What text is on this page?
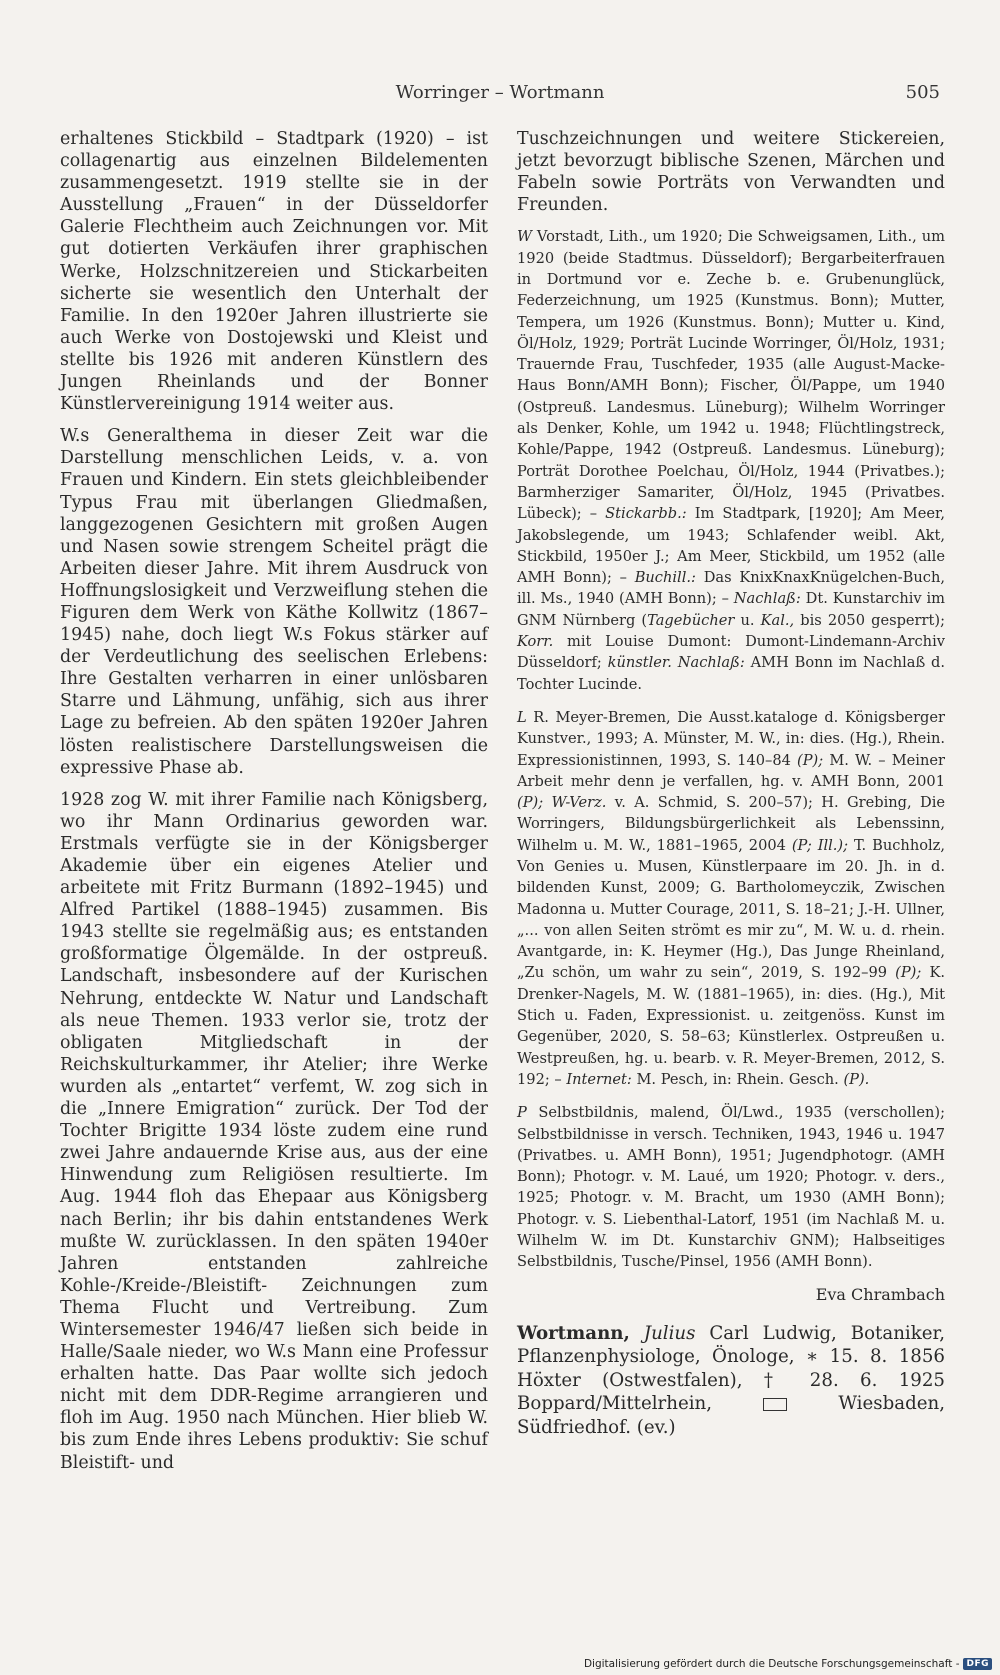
Worringer – Wortmann	505

erhaltenes Stickbild – Stadtpark (1920) – ist collagenartig aus einzelnen Bildelementen zusammengesetzt. 1919 stellte sie in der Ausstellung „Frauen“ in der Düsseldorfer Galerie Flechtheim auch Zeichnungen vor. Mit gut dotierten Verkäufen ihrer graphischen Werke, Holzschnitzereien und Stickarbeiten sicherte sie wesentlich den Unterhalt der Familie. In den 1920er Jahren illustrierte sie auch Werke von Dostojewski und Kleist und stellte bis 1926 mit anderen Künstlern des Jungen Rheinlands und der Bonner Künstlervereinigung 1914 weiter aus.

W.s Generalthema in dieser Zeit war die Darstellung menschlichen Leids, v. a. von Frauen und Kindern. Ein stets gleichbleibender Typus Frau mit überlangen Gliedmaßen, langgezogenen Gesichtern mit großen Augen und Nasen sowie strengem Scheitel prägt die Arbeiten dieser Jahre. Mit ihrem Ausdruck von Hoffnungslosigkeit und Verzweiflung stehen die Figuren dem Werk von Käthe Kollwitz (1867–1945) nahe, doch liegt W.s Fokus stärker auf der Verdeutlichung des seelischen Erlebens: Ihre Gestalten verharren in einer unlösbaren Starre und Lähmung, unfähig, sich aus ihrer Lage zu befreien. Ab den späten 1920er Jahren lösten realistischere Darstellungsweisen die expressive Phase ab.

1928 zog W. mit ihrer Familie nach Königsberg, wo ihr Mann Ordinarius geworden war. Erstmals verfügte sie in der Königsberger Akademie über ein eigenes Atelier und arbeitete mit Fritz Burmann (1892–1945) und Alfred Partikel (1888–1945) zusammen. Bis 1943 stellte sie regelmäßig aus; es entstanden großformatige Ölgemälde. In der ostpreuß. Landschaft, insbesondere auf der Kurischen Nehrung, entdeckte W. Natur und Landschaft als neue Themen. 1933 verlor sie, trotz der obligaten Mitgliedschaft in der Reichskulturkammer, ihr Atelier; ihre Werke wurden als „entartet“ verfemt, W. zog sich in die „Innere Emigration“ zurück. Der Tod der Tochter Brigitte 1934 löste zudem eine rund zwei Jahre andauernde Krise aus, aus der eine Hinwendung zum Religiösen resultierte. Im Aug. 1944 floh das Ehepaar aus Königsberg nach Berlin; ihr bis dahin entstandenes Werk mußte W. zurücklassen. In den späten 1940er Jahren entstanden zahlreiche Kohle-/Kreide-/Bleistift- Zeichnungen zum Thema Flucht und Vertreibung. Zum Wintersemester 1946/47 ließen sich beide in Halle/Saale nieder, wo W.s Mann eine Professur erhalten hatte. Das Paar wollte sich jedoch nicht mit dem DDR-Regime arrangieren und floh im Aug. 1950 nach München. Hier blieb W. bis zum Ende ihres Lebens produktiv: Sie schuf Bleistift- und

Tuschzeichnungen und weitere Stickereien, jetzt bevorzugt biblische Szenen, Märchen und Fabeln sowie Porträts von Verwandten und Freunden.

W Vorstadt, Lith., um 1920; Die Schweigsamen, Lith., um 1920 (beide Stadtmus. Düsseldorf); Bergarbeiterfrauen in Dortmund vor e. Zeche b. e. Grubenunglück, Federzeichnung, um 1925 (Kunstmus. Bonn); Mutter, Tempera, um 1926 (Kunstmus. Bonn); Mutter u. Kind, Öl/Holz, 1929; Porträt Lucinde Worringer, Öl/Holz, 1931; Trauernde Frau, Tuschfeder, 1935 (alle August-Macke-Haus Bonn/AMH Bonn); Fischer, Öl/Pappe, um 1940 (Ostpreuß. Landesmus. Lüneburg); Wilhelm Worringer als Denker, Kohle, um 1942 u. 1948; Flüchtlingstreck, Kohle/Pappe, 1942 (Ostpreuß. Landesmus. Lüneburg); Porträt Dorothee Poelchau, Öl/Holz, 1944 (Privatbes.); Barmherziger Samariter, Öl/Holz, 1945 (Privatbes. Lübeck); – Stickarbb.: Im Stadtpark, [1920]; Am Meer, Jakobslegende, um 1943; Schlafender weibl. Akt, Stickbild, 1950er J.; Am Meer, Stickbild, um 1952 (alle AMH Bonn); – Buchill.: Das KnixKnaxKnügelchen-Buch, ill. Ms., 1940 (AMH Bonn); – Nachlaß: Dt. Kunstarchiv im GNM Nürnberg (Tagebücher u. Kal., bis 2050 gesperrt); Korr. mit Louise Dumont: Dumont-Lindemann-Archiv Düsseldorf; künstler. Nachlaß: AMH Bonn im Nachlaß d. Tochter Lucinde.

L R. Meyer-Bremen, Die Ausst.kataloge d. Königsberger Kunstver., 1993; A. Münster, M. W., in: dies. (Hg.), Rhein. Expressionistinnen, 1993, S. 140–84 (P); M. W. – Meiner Arbeit mehr denn je verfallen, hg. v. AMH Bonn, 2001 (P); W-Verz. v. A. Schmid, S. 200–57); H. Grebing, Die Worringers, Bildungsbürgerlichkeit als Lebenssinn, Wilhelm u. M. W., 1881–1965, 2004 (P; Ill.); T. Buchholz, Von Genies u. Musen, Künstlerpaare im 20. Jh. in d. bildenden Kunst, 2009; G. Bartholomeyczik, Zwischen Madonna u. Mutter Courage, 2011, S. 18–21; J.-H. Ullner, „... von allen Seiten strömt es mir zu“, M. W. u. d. rhein. Avantgarde, in: K. Heymer (Hg.), Das Junge Rheinland, „Zu schön, um wahr zu sein“, 2019, S. 192–99 (P); K. Drenker-Nagels, M. W. (1881–1965), in: dies. (Hg.), Mit Stich u. Faden, Expressionist. u. zeitgenöss. Kunst im Gegenüber, 2020, S. 58–63; Künstlerlex. Ostpreußen u. Westpreußen, hg. u. bearb. v. R. Meyer-Bremen, 2012, S. 192; – Internet: M. Pesch, in: Rhein. Gesch. (P).

P Selbstbildnis, malend, Öl/Lwd., 1935 (verschollen); Selbstbildnisse in versch. Techniken, 1943, 1946 u. 1947 (Privatbes. u. AMH Bonn), 1951; Jugendphotogr. (AMH Bonn); Photogr. v. M. Laué, um 1920; Photogr. v. ders., 1925; Photogr. v. M. Bracht, um 1930 (AMH Bonn); Photogr. v. S. Liebenthal-Latorf, 1951 (im Nachlaß M. u. Wilhelm W. im Dt. Kunstarchiv GNM); Halbseitiges Selbstbildnis, Tusche/Pinsel, 1956 (AMH Bonn).

Eva Chrambach

Wortmann, Julius Carl Ludwig, Botaniker, Pflanzenphysiologe, Önologe, ∗ 15. 8. 1856 Höxter (Ostwestfalen), † 28. 6. 1925 Boppard/Mittelrhein,  Wiesbaden, Südfriedhof. (ev.)

Digitalisierung gefördert durch die Deutsche Forschungsgemeinschaft - DFG
